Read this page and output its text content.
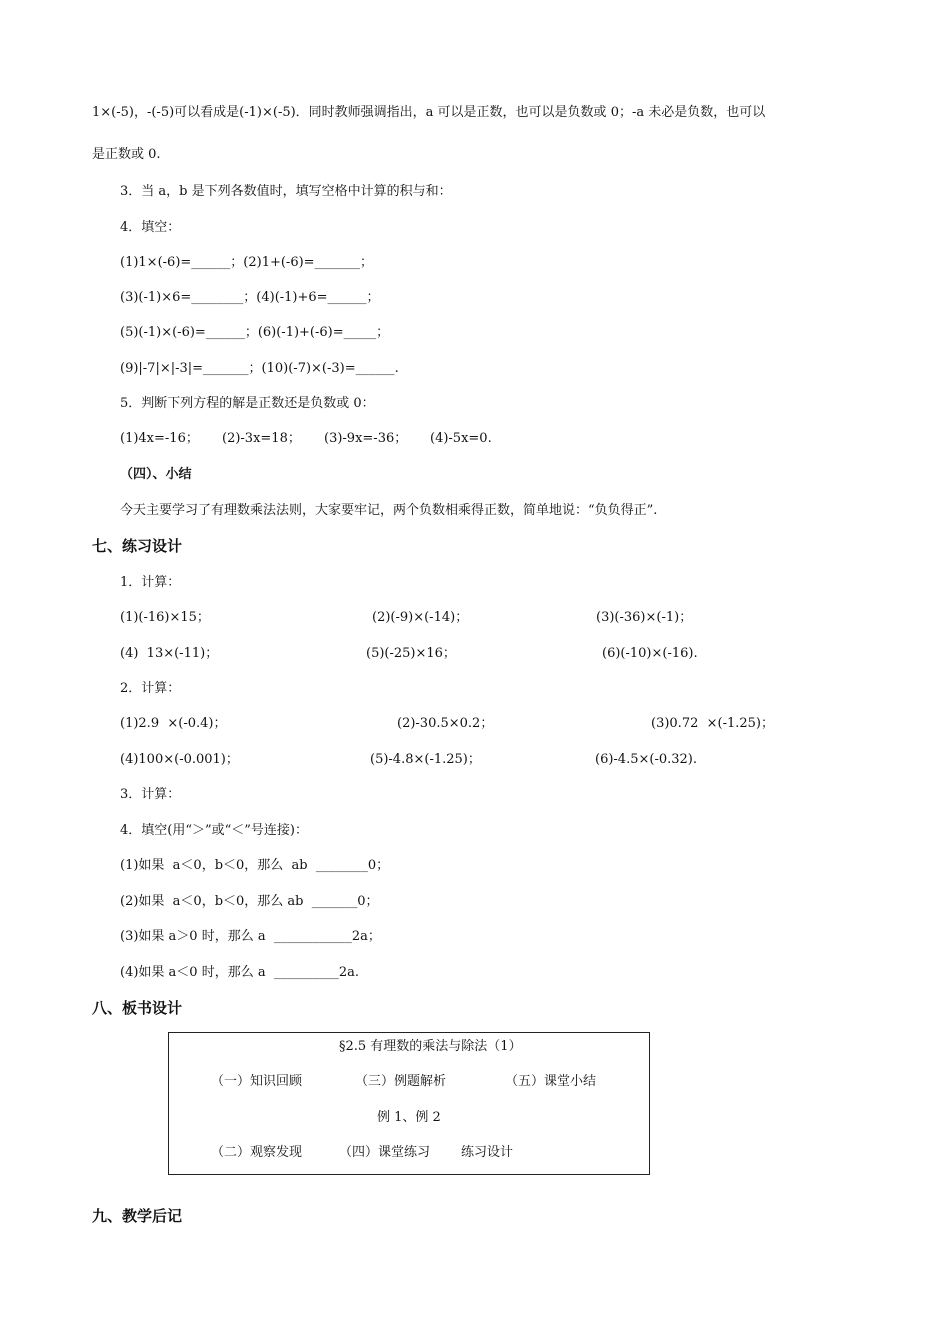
1×(-5)，-(-5)可以看成是(-1)×(-5)．同时教师强调指出，a 可以是正数，也可以是负数或 0；-a 未必是负数，也可以
是正数或 0.
3．当 a，b 是下列各数值时，填写空格中计算的积与和：
4．填空：
(1)1×(-6)=______；(2)1+(-6)=_______；
(3)(-1)×6=________；(4)(-1)+6=______；
(5)(-1)×(-6)=______；(6)(-1)+(-6)=_____；
(9)|-7|×|-3|=_______；(10)(-7)×(-3)=______.
5．判断下列方程的解是正数还是负数或 0：
(1)4x=-16； (2)-3x=18； (3)-9x=-36； (4)-5x=0.
（四）、小结
今天主要学习了有理数乘法法则，大家要牢记，两个负数相乘得正数，简单地说：“负负得正”.
七、练习设计
1．计算：
(1)(-16)×15；	(2)(-9)×(-14)；	(3)(-36)×(-1)；
(4)  13×(-11)；	(5)(-25)×16；	(6)(-10)×(-16).
2．计算：
(1)2.9  ×(-0.4)；	(2)-30.5×0.2；	(3)0.72  ×(-1.25)；
(4)100×(-0.001)；	(5)-4.8×(-1.25)；	(6)-4.5×(-0.32).
3．计算：
4．填空(用“＞”或“＜”号连接)：
(1)如果  a＜0，b＜0，那么  ab  ________0；
(2)如果  a＜0，b＜0，那么 ab  _______0；
(3)如果 a＞0 时，那么 a  ____________2a；
(4)如果 a＜0 时，那么 a  __________2a.
八、板书设计
§2.5 有理数的乘法与除法（1）
（一）知识回顾	（三）例题解析	（五）课堂小结
例 1、例 2
（二）观察发现	（四）课堂练习 练习设计
九、教学后记
